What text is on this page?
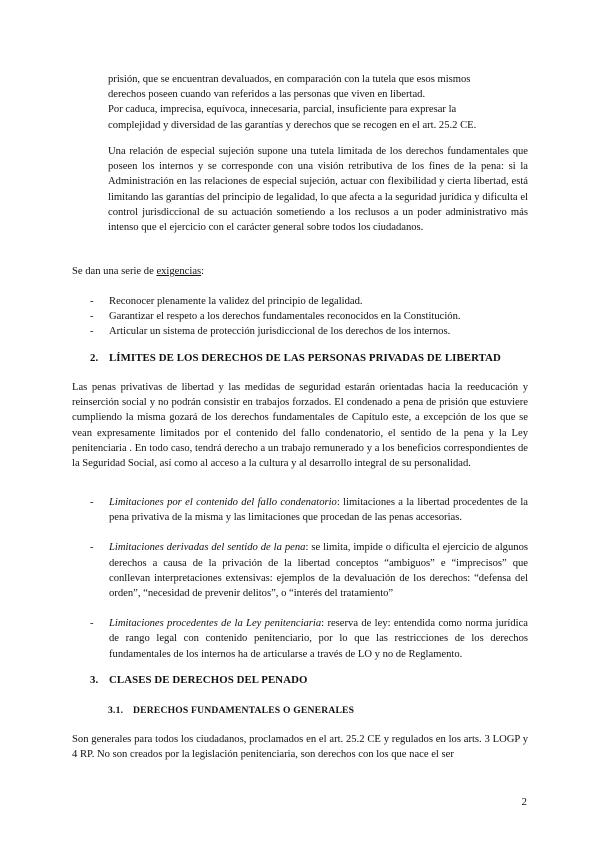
prisión, que se encuentran devaluados, en comparación con la tutela que esos mismos
derechos poseen cuando van referidos a las personas que viven en libertad.
Por caduca, imprecisa, equívoca, innecesaria, parcial, insuficiente para expresar la
complejidad y diversidad de las garantías y derechos que se recogen en el art. 25.2 CE.
Una relación de especial sujeción supone una tutela limitada de los derechos fundamentales que poseen los internos y se corresponde con una visión retributiva de los fines de la pena: si la Administración en las relaciones de especial sujeción, actuar con flexibilidad y cierta libertad, está limitando las garantías del principio de legalidad, lo que afecta a la seguridad jurídica y dificulta el control jurisdiccional de su actuación sometiendo a los reclusos a un poder administrativo más intenso que el ejercicio con el carácter general sobre todos los ciudadanos.
Se dan una serie de exigencias:
- Reconocer plenamente la validez del principio de legalidad.
- Garantizar el respeto a los derechos fundamentales reconocidos en la Constitución.
- Articular un sistema de protección jurisdiccional de los derechos de los internos.
2. LÍMITES DE LOS DERECHOS DE LAS PERSONAS PRIVADAS DE LIBERTAD
Las penas privativas de libertad y las medidas de seguridad estarán orientadas hacia la reeducación y reinserción social y no podrán consistir en trabajos forzados. El condenado a pena de prisión que estuviere cumpliendo la misma gozará de los derechos fundamentales de Capítulo este, a excepción de los que se vean expresamente limitados por el contenido del fallo condenatorio, el sentido de la pena y la Ley penitenciaria . En todo caso, tendrá derecho a un trabajo remunerado y a los beneficios correspondientes de la Seguridad Social, así como al acceso a la cultura y al desarrollo integral de su personalidad.
- Limitaciones por el contenido del fallo condenatorio: limitaciones a la libertad procedentes de la pena privativa de la misma y las limitaciones que procedan de las penas accesorias.
- Limitaciones derivadas del sentido de la pena: se limita, impide o dificulta el ejercicio de algunos derechos a causa de la privación de la libertad conceptos “ambiguos” e “imprecisos” que conllevan interpretaciones extensivas: ejemplos de la devaluación de los derechos: “defensa del orden”, “necesidad de prevenir delitos”, o “interés del tratamiento”
- Limitaciones procedentes de la Ley penitenciaria: reserva de ley: entendida como norma jurídica de rango legal con contenido penitenciario, por lo que las restricciones de los derechos fundamentales de los internos ha de articularse a través de LO y no de Reglamento.
3. CLASES DE DERECHOS DEL PENADO
3.1. DERECHOS FUNDAMENTALES O GENERALES
Son generales para todos los ciudadanos, proclamados en el art. 25.2 CE y regulados en los arts. 3 LOGP y 4 RP. No son creados por la legislación penitenciaria, son derechos con los que nace el ser
2
